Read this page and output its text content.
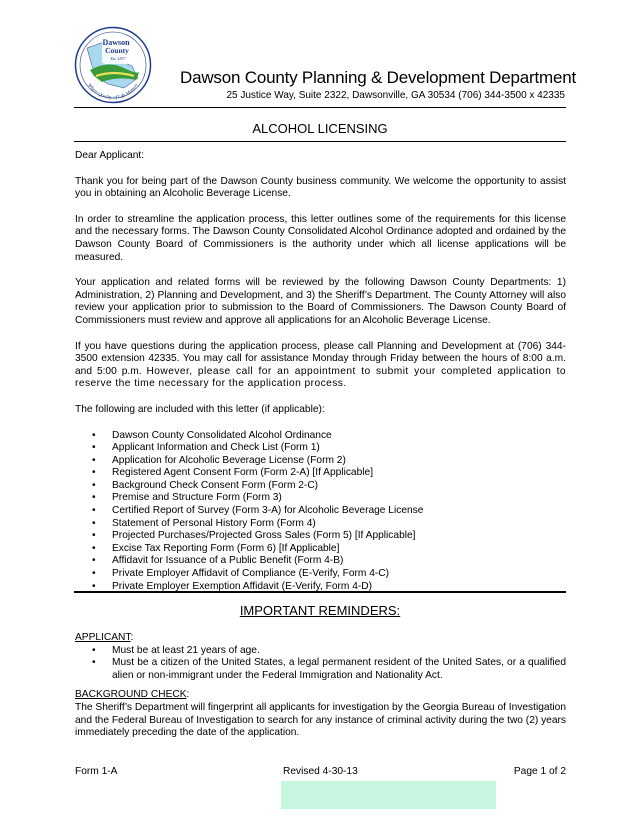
Dawson
County
Est. 1857
Where Quality of Life Matters Dawson County Planning & Development Department
25 Justice Way, Suite 2322, Dawsonville, GA 30534 (706) 344-3500 x 42335
ALCOHOL LICENSING

Dear Applicant:

Thank you for being part of the Dawson County business community. We welcome the opportunity to assist you in obtaining an Alcoholic Beverage License.

In order to streamline the application process, this letter outlines some of the requirements for this license and the necessary forms. The Dawson County Consolidated Alcohol Ordinance adopted and ordained by the Dawson County Board of Commissioners is the authority under which all license applications will be measured.

Your application and related forms will be reviewed by the following Dawson County Departments: 1) Administration, 2) Planning and Development, and 3) the Sheriff’s Department. The County Attorney will also review your application prior to submission to the Board of Commissioners. The Dawson County Board of Commissioners must review and approve all applications for an Alcoholic Beverage License.

If you have questions during the application process, please call Planning and Development at (706) 344-3500 extension 42335. You may call for assistance Monday through Friday between the hours of 8:00 a.m. and 5:00 p.m. However, please call for an appointment to submit your completed application to reserve the time necessary for the application process.

The following are included with this letter (if applicable):

• Dawson County Consolidated Alcohol Ordinance
• Applicant Information and Check List (Form 1)
• Application for Alcoholic Beverage License (Form 2)
• Registered Agent Consent Form (Form 2-A) [If Applicable]
• Background Check Consent Form (Form 2-C)
• Premise and Structure Form (Form 3)
• Certified Report of Survey (Form 3-A) for Alcoholic Beverage License
• Statement of Personal History Form (Form 4)
• Projected Purchases/Projected Gross Sales (Form 5) [If Applicable]
• Excise Tax Reporting Form (Form 6) [If Applicable]
• Affidavit for Issuance of a Public Benefit (Form 4-B)
• Private Employer Affidavit of Compliance (E-Verify, Form 4-C)
• Private Employer Exemption Affidavit (E-Verify, Form 4-D)
IMPORTANT REMINDERS:
APPLICANT:
• Must be at least 21 years of age.
• Must be a citizen of the United States, a legal permanent resident of the United Sates, or a qualified alien or non-immigrant under the Federal Immigration and Nationality Act.
BACKGROUND CHECK:

The Sheriff’s Department will fingerprint all applicants for investigation by the Georgia Bureau of Investigation and the Federal Bureau of Investigation to search for any instance of criminal activity during the two (2) years immediately preceding the date of the application.

Form 1-A	Revised 4-30-13	Page 1 of 2
